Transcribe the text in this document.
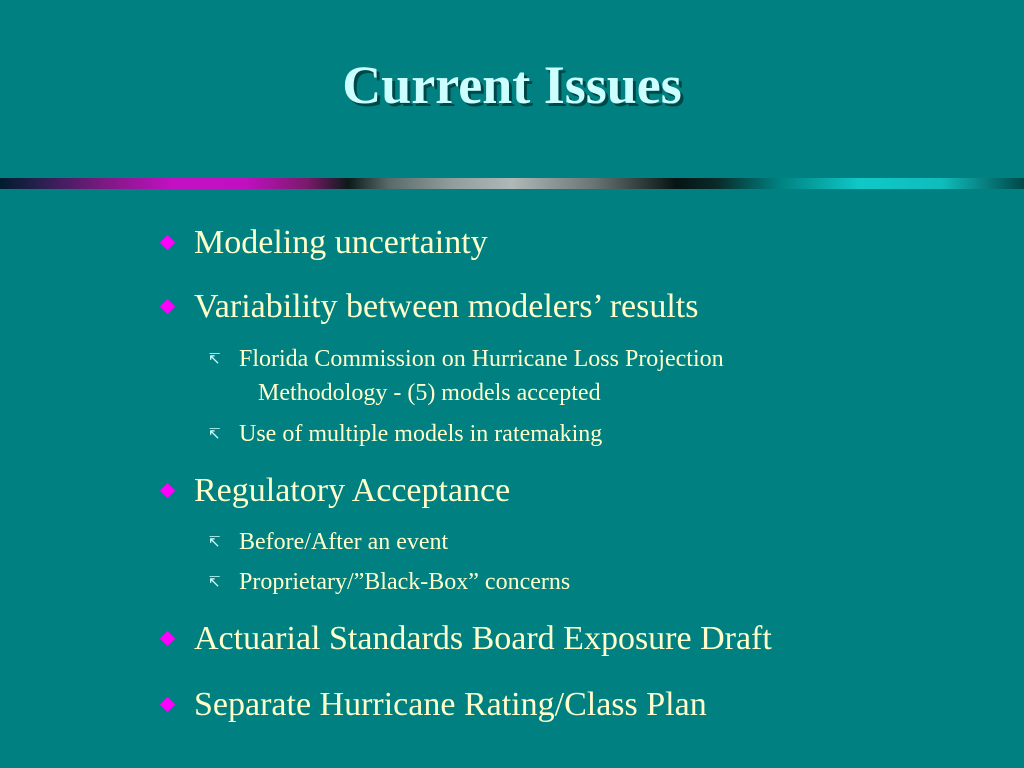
Current Issues
Modeling uncertainty
Variability between modelers’ results
↸ Florida Commission on Hurricane Loss Projection
Methodology - (5) models accepted
↸ Use of multiple models in ratemaking
Regulatory Acceptance
↸ Before/After an event
↸ Proprietary/”Black-Box” concerns
Actuarial Standards Board Exposure Draft
Separate Hurricane Rating/Class Plan
